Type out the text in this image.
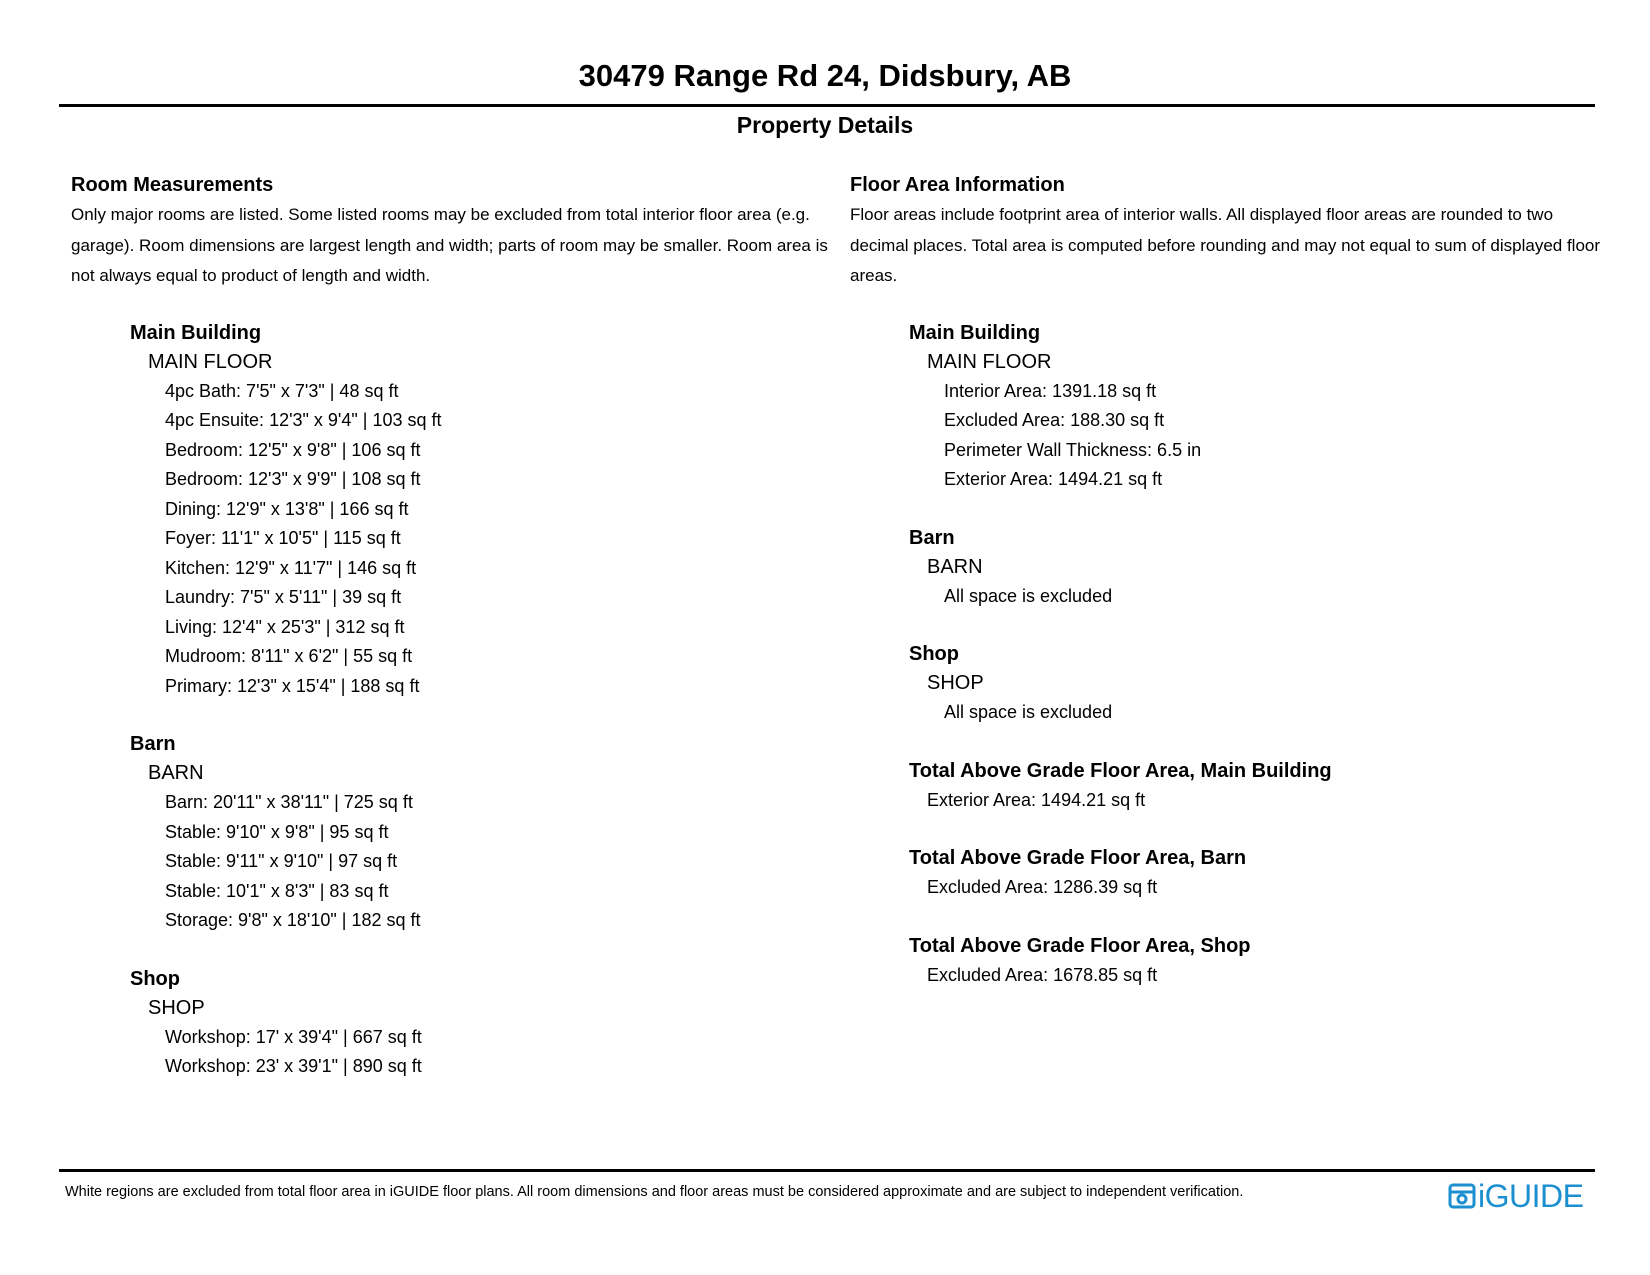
30479 Range Rd 24, Didsbury, AB
Property Details

Room Measurements

Only major rooms are listed. Some listed rooms may be excluded from total interior floor area (e.g. garage). Room dimensions are largest length and width; parts of room may be smaller. Room area is not always equal to product of length and width.

Main Building
MAIN FLOOR
4pc Bath: 7'5" x 7'3" | 48 sq ft
4pc Ensuite: 12'3" x 9'4" | 103 sq ft
Bedroom: 12'5" x 9'8" | 106 sq ft
Bedroom: 12'3" x 9'9" | 108 sq ft
Dining: 12'9" x 13'8" | 166 sq ft
Foyer: 11'1" x 10'5" | 115 sq ft
Kitchen: 12'9" x 11'7" | 146 sq ft
Laundry: 7'5" x 5'11" | 39 sq ft
Living: 12'4" x 25'3" | 312 sq ft
Mudroom: 8'11" x 6'2" | 55 sq ft
Primary: 12'3" x 15'4" | 188 sq ft
Barn
BARN
Barn: 20'11" x 38'11" | 725 sq ft
Stable: 9'10" x 9'8" | 95 sq ft
Stable: 9'11" x 9'10" | 97 sq ft
Stable: 10'1" x 8'3" | 83 sq ft
Storage: 9'8" x 18'10" | 182 sq ft
Shop
SHOP
Workshop: 17' x 39'4" | 667 sq ft
Workshop: 23' x 39'1" | 890 sq ft

Floor Area Information

Floor areas include footprint area of interior walls. All displayed floor areas are rounded to two decimal places. Total area is computed before rounding and may not equal to sum of displayed floor areas.

Main Building
MAIN FLOOR
Interior Area: 1391.18 sq ft
Excluded Area: 188.30 sq ft
Perimeter Wall Thickness: 6.5 in
Exterior Area: 1494.21 sq ft
Barn
BARN
All space is excluded
Shop
SHOP
All space is excluded
Total Above Grade Floor Area, Main Building
Exterior Area: 1494.21 sq ft
Total Above Grade Floor Area, Barn
Excluded Area: 1286.39 sq ft
Total Above Grade Floor Area, Shop
Excluded Area: 1678.85 sq ft
White regions are excluded from total floor area in iGUIDE floor plans. All room dimensions and floor areas must be considered approximate and are subject to independent verification.	iGUIDE
